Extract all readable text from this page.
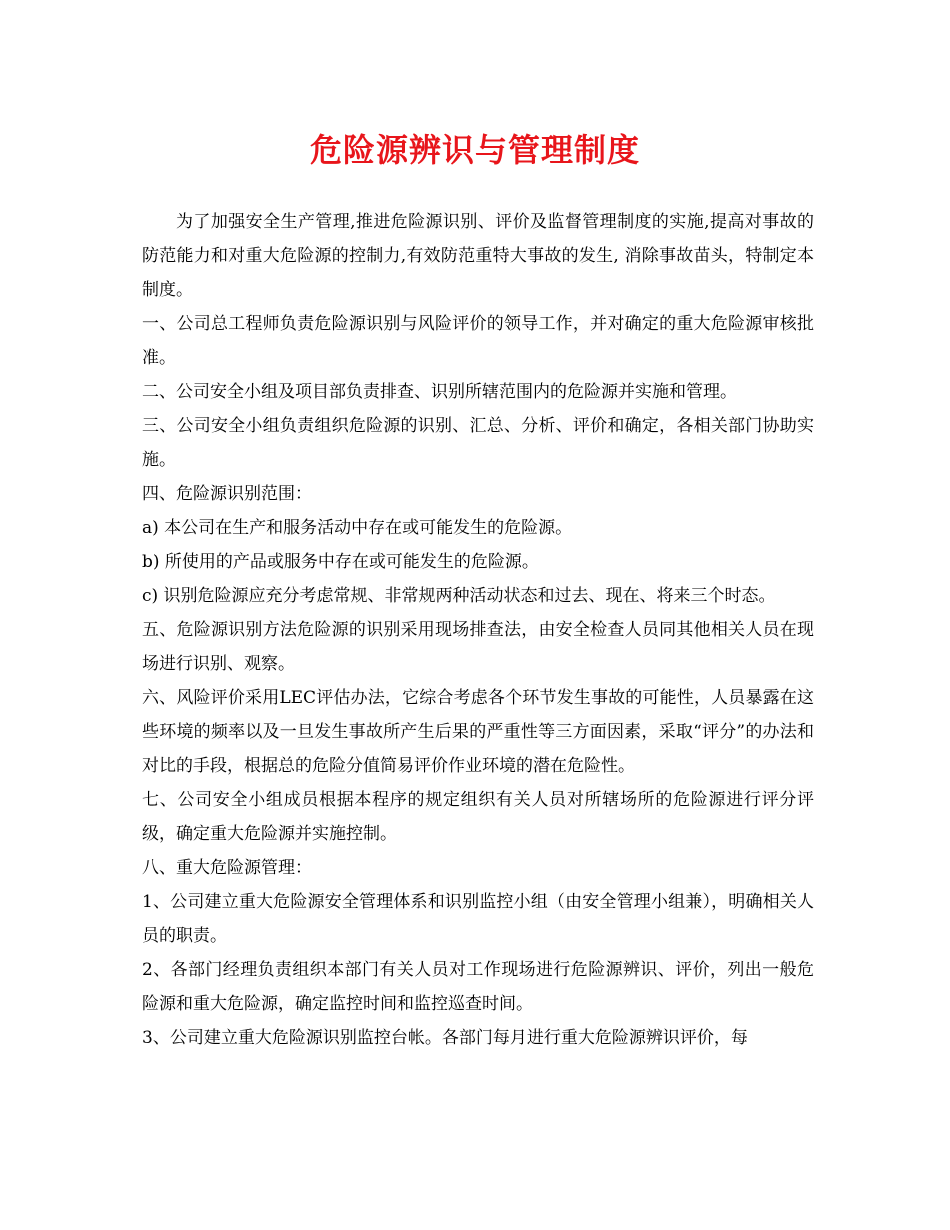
危险源辨识与管理制度

为了加强安全生产管理,推进危险源识别、评价及监督管理制度的实施,提高对事故的防范能力和对重大危险源的控制力,有效防范重特大事故的发生, 消除事故苗头，特制定本制度。

一、公司总工程师负责危险源识别与风险评价的领导工作，并对确定的重大危险源审核批准。

二、公司安全小组及项目部负责排查、识别所辖范围内的危险源并实施和管理。

三、公司安全小组负责组织危险源的识别、汇总、分析、评价和确定，各相关部门协助实施。

四、危险源识别范围：

a) 本公司在生产和服务活动中存在或可能发生的危险源。

b) 所使用的产品或服务中存在或可能发生的危险源。

c) 识别危险源应充分考虑常规、非常规两种活动状态和过去、现在、将来三个时态。

五、危险源识别方法危险源的识别采用现场排查法，由安全检查人员同其他相关人员在现场进行识别、观察。

六、风险评价采用LEC评估办法，它综合考虑各个环节发生事故的可能性，人员暴露在这些环境的频率以及一旦发生事故所产生后果的严重性等三方面因素，采取“评分”的办法和对比的手段，根据总的危险分值简易评价作业环境的潜在危险性。

七、公司安全小组成员根据本程序的规定组织有关人员对所辖场所的危险源进行评分评级，确定重大危险源并实施控制。

八、重大危险源管理：

1、公司建立重大危险源安全管理体系和识别监控小组（由安全管理小组兼），明确相关人员的职责。

2、各部门经理负责组织本部门有关人员对工作现场进行危险源辨识、评价，列出一般危险源和重大危险源，确定监控时间和监控巡查时间。

3、公司建立重大危险源识别监控台帐。各部门每月进行重大危险源辨识评价，每
